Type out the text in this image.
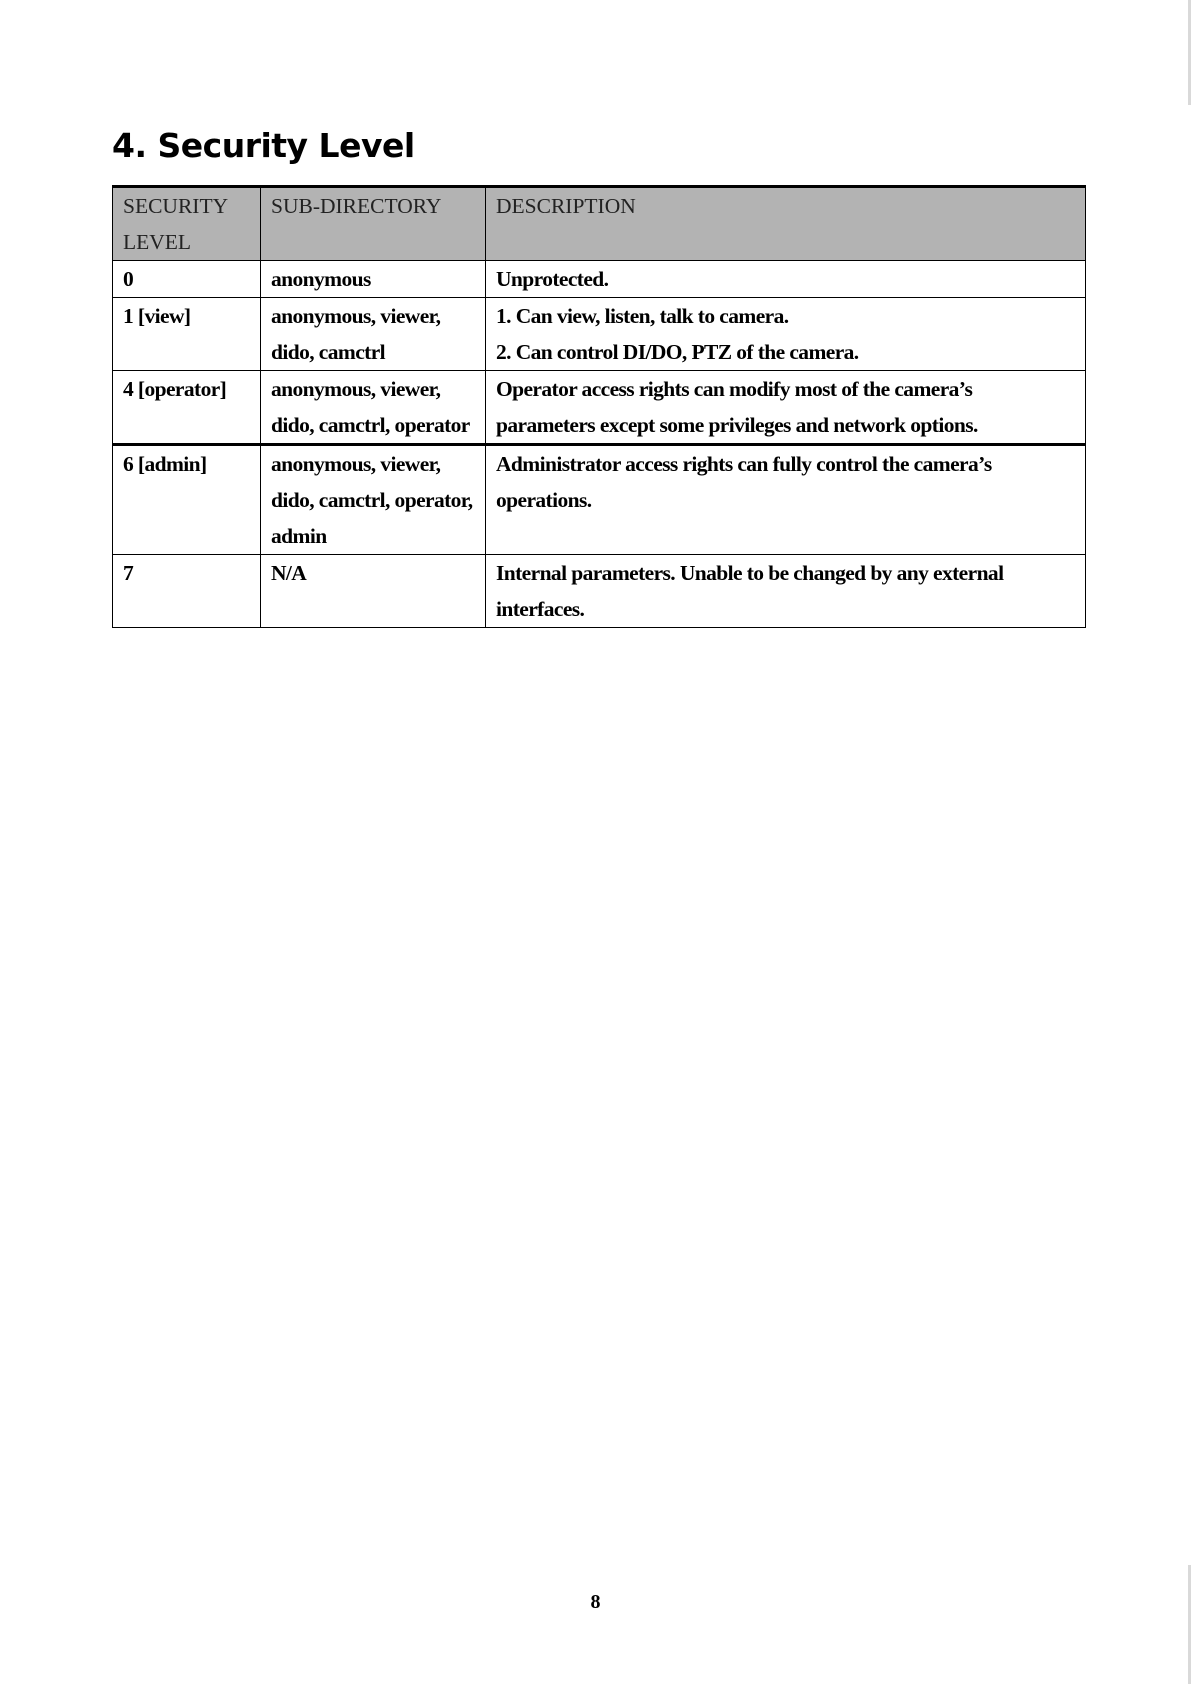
4. Security Level
SECURITY LEVEL	SUB-DIRECTORY	DESCRIPTION
0	anonymous	Unprotected.

1 [view]	anonymous, viewer, dido, camctrl	1. Can view, listen, talk to camera.
2. Can control DI/DO, PTZ of the camera.

4 [operator]	anonymous, viewer, dido, camctrl, operator	Operator access rights can modify most of the camera’s parameters except some privileges and network options.

6 [admin]	anonymous, viewer, dido, camctrl, operator, admin	Administrator access rights can fully control the camera’s operations.

7	N/A	Internal parameters. Unable to be changed by any external interfaces.
8
